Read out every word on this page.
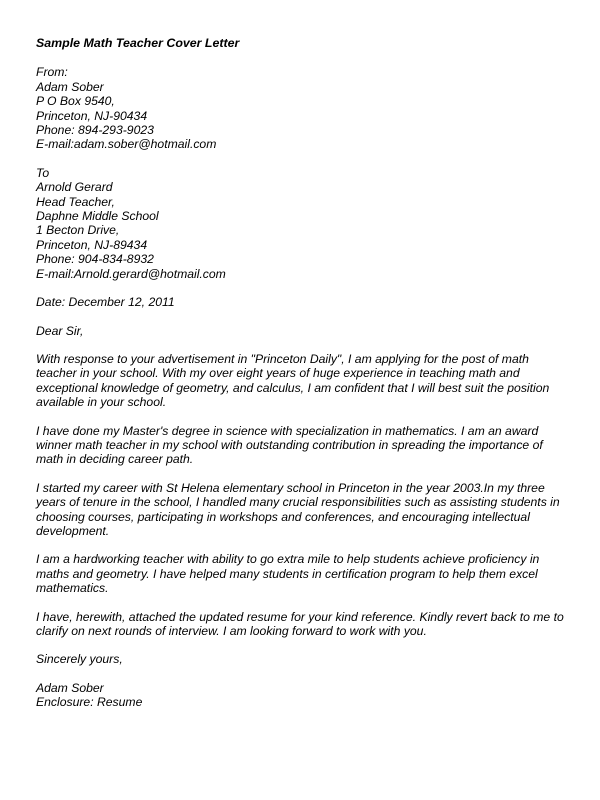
Sample Math Teacher Cover Letter
From:
Adam Sober
P O Box 9540,
Princeton, NJ-90434
Phone: 894-293-9023
E-mail:adam.sober@hotmail.com
To
Arnold Gerard
Head Teacher,
Daphne Middle School
1 Becton Drive,
Princeton, NJ-89434
Phone: 904-834-8932
E-mail:Arnold.gerard@hotmail.com
Date: December 12, 2011
Dear Sir,

With response to your advertisement in "Princeton Daily", I am applying for the post of math
teacher in your school. With my over eight years of huge experience in teaching math and
exceptional knowledge of geometry, and calculus, I am confident that I will best suit the position
available in your school.

I have done my Master's degree in science with specialization in mathematics. I am an award
winner math teacher in my school with outstanding contribution in spreading the importance of
math in deciding career path.

I started my career with St Helena elementary school in Princeton in the year 2003.In my three
years of tenure in the school, I handled many crucial responsibilities such as assisting students in
choosing courses, participating in workshops and conferences, and encouraging intellectual
development.

I am a hardworking teacher with ability to go extra mile to help students achieve proficiency in
maths and geometry. I have helped many students in certification program to help them excel
mathematics.

I have, herewith, attached the updated resume for your kind reference. Kindly revert back to me to
clarify on next rounds of interview. I am looking forward to work with you.

Sincerely yours,
Adam Sober
Enclosure: Resume
